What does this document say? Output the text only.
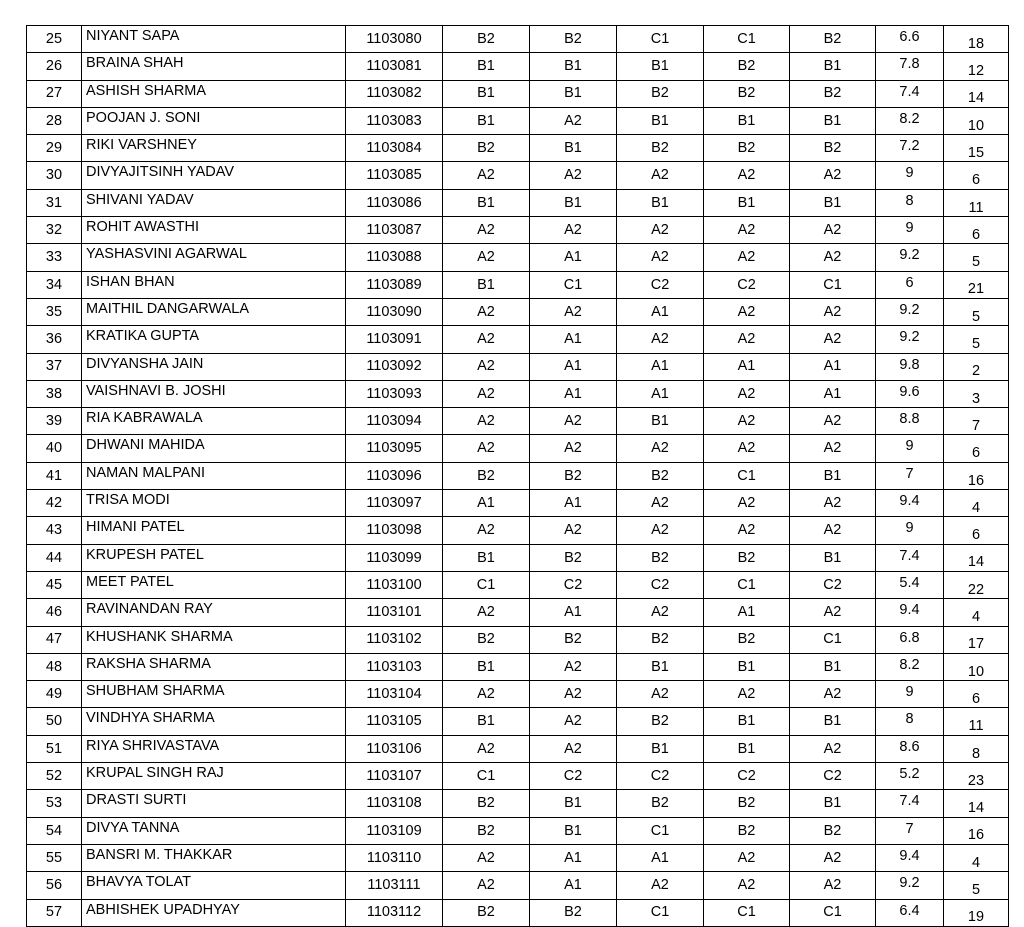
25	NIYANT SAPA	1103080	B2	B2	C1	C1	B2	6.6	18
26	BRAINA SHAH	1103081	B1	B1	B1	B2	B1	7.8	12
27	ASHISH SHARMA	1103082	B1	B1	B2	B2	B2	7.4	14
28	POOJAN J. SONI	1103083	B1	A2	B1	B1	B1	8.2	10
29	RIKI VARSHNEY	1103084	B2	B1	B2	B2	B2	7.2	15
30	DIVYAJITSINH YADAV	1103085	A2	A2	A2	A2	A2	9	6
31	SHIVANI YADAV	1103086	B1	B1	B1	B1	B1	8	11
32	ROHIT AWASTHI	1103087	A2	A2	A2	A2	A2	9	6
33	YASHASVINI AGARWAL	1103088	A2	A1	A2	A2	A2	9.2	5
34	ISHAN BHAN	1103089	B1	C1	C2	C2	C1	6	21
35	MAITHIL DANGARWALA	1103090	A2	A2	A1	A2	A2	9.2	5
36	KRATIKA GUPTA	1103091	A2	A1	A2	A2	A2	9.2	5
37	DIVYANSHA JAIN	1103092	A2	A1	A1	A1	A1	9.8	2
38	VAISHNAVI B. JOSHI	1103093	A2	A1	A1	A2	A1	9.6	3
39	RIA KABRAWALA	1103094	A2	A2	B1	A2	A2	8.8	7
40	DHWANI MAHIDA	1103095	A2	A2	A2	A2	A2	9	6
41	NAMAN MALPANI	1103096	B2	B2	B2	C1	B1	7	16
42	TRISA MODI	1103097	A1	A1	A2	A2	A2	9.4	4
43	HIMANI PATEL	1103098	A2	A2	A2	A2	A2	9	6
44	KRUPESH PATEL	1103099	B1	B2	B2	B2	B1	7.4	14
45	MEET PATEL	1103100	C1	C2	C2	C1	C2	5.4	22
46	RAVINANDAN RAY	1103101	A2	A1	A2	A1	A2	9.4	4
47	KHUSHANK SHARMA	1103102	B2	B2	B2	B2	C1	6.8	17
48	RAKSHA SHARMA	1103103	B1	A2	B1	B1	B1	8.2	10
49	SHUBHAM SHARMA	1103104	A2	A2	A2	A2	A2	9	6
50	VINDHYA SHARMA	1103105	B1	A2	B2	B1	B1	8	11
51	RIYA SHRIVASTAVA	1103106	A2	A2	B1	B1	A2	8.6	8
52	KRUPAL SINGH RAJ	1103107	C1	C2	C2	C2	C2	5.2	23
53	DRASTI SURTI	1103108	B2	B1	B2	B2	B1	7.4	14
54	DIVYA TANNA	1103109	B2	B1	C1	B2	B2	7	16
55	BANSRI M. THAKKAR	1103110	A2	A1	A1	A2	A2	9.4	4
56	BHAVYA TOLAT	1103111	A2	A1	A2	A2	A2	9.2	5
57	ABHISHEK UPADHYAY	1103112	B2	B2	C1	C1	C1	6.4	19
